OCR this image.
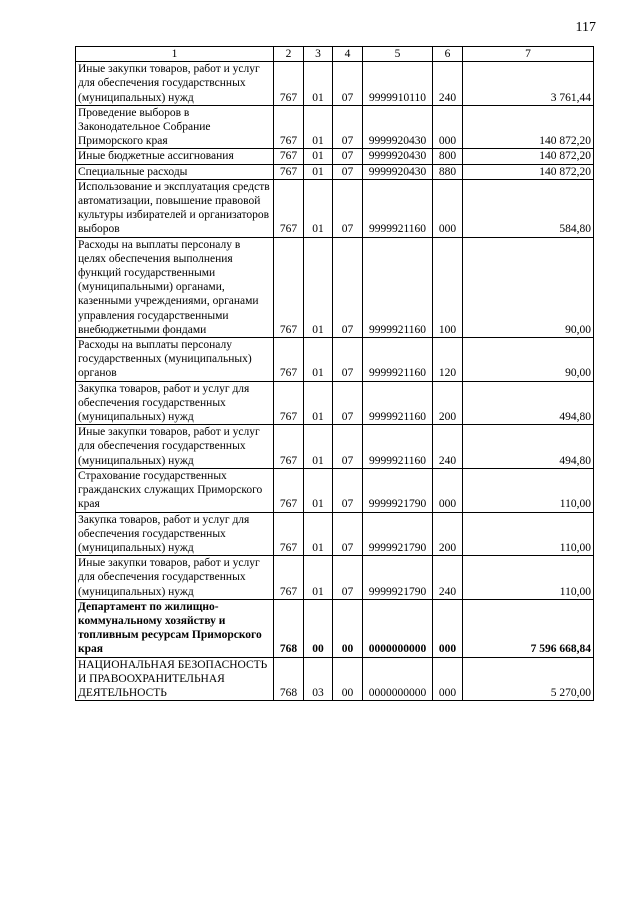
117
1	2	3	4	5	6	7
Иные закупки товаров, работ и услуг для обеспечения государствснных (муниципальных) нужд	767	01	07	9999910110	240	3 761,44
Проведение выборов в Законодательное Собрание Приморского края	767	01	07	9999920430	000	140 872,20
Иные бюджетные ассигнования	767	01	07	9999920430	800	140 872,20
Специальные расходы	767	01	07	9999920430	880	140 872,20
Использование и эксплуатация средств автоматизации, повышение правовой культуры избирателей и организаторов выборов	767	01	07	9999921160	000	584,80
Расходы на выплаты персоналу в целях обеспечения выполнения функций государственными (муниципальными) органами, казенными учреждениями, органами управления государственными внебюджетными фондами	767	01	07	9999921160	100	90,00
Расходы на выплаты персоналу государственных (муниципальных) органов	767	01	07	9999921160	120	90,00
Закупка товаров, работ и услуг для обеспечения государственных (муниципальных) нужд	767	01	07	9999921160	200	494,80
Иные закупки товаров, работ и услуг для обеспечения государственных (муниципальных) нужд	767	01	07	9999921160	240	494,80
Страхование государственных гражданских служащих Приморского края	767	01	07	9999921790	000	110,00
Закупка товаров, работ и услуг для обеспечения государственных (муниципальных) нужд	767	01	07	9999921790	200	110,00
Иные закупки товаров, работ и услуг для обеспечения государственных (муниципальных) нужд	767	01	07	9999921790	240	110,00
Департамент по жилищно-коммунальному хозяйству и топливным ресурсам Приморского края	768	00	00	0000000000	000	7 596 668,84
НАЦИОНАЛЬНАЯ БЕЗОПАСНОСТЬ И ПРАВООХРАНИТЕЛЬНАЯ ДЕЯТЕЛЬНОСТЬ	768	03	00	0000000000	000	5 270,00
